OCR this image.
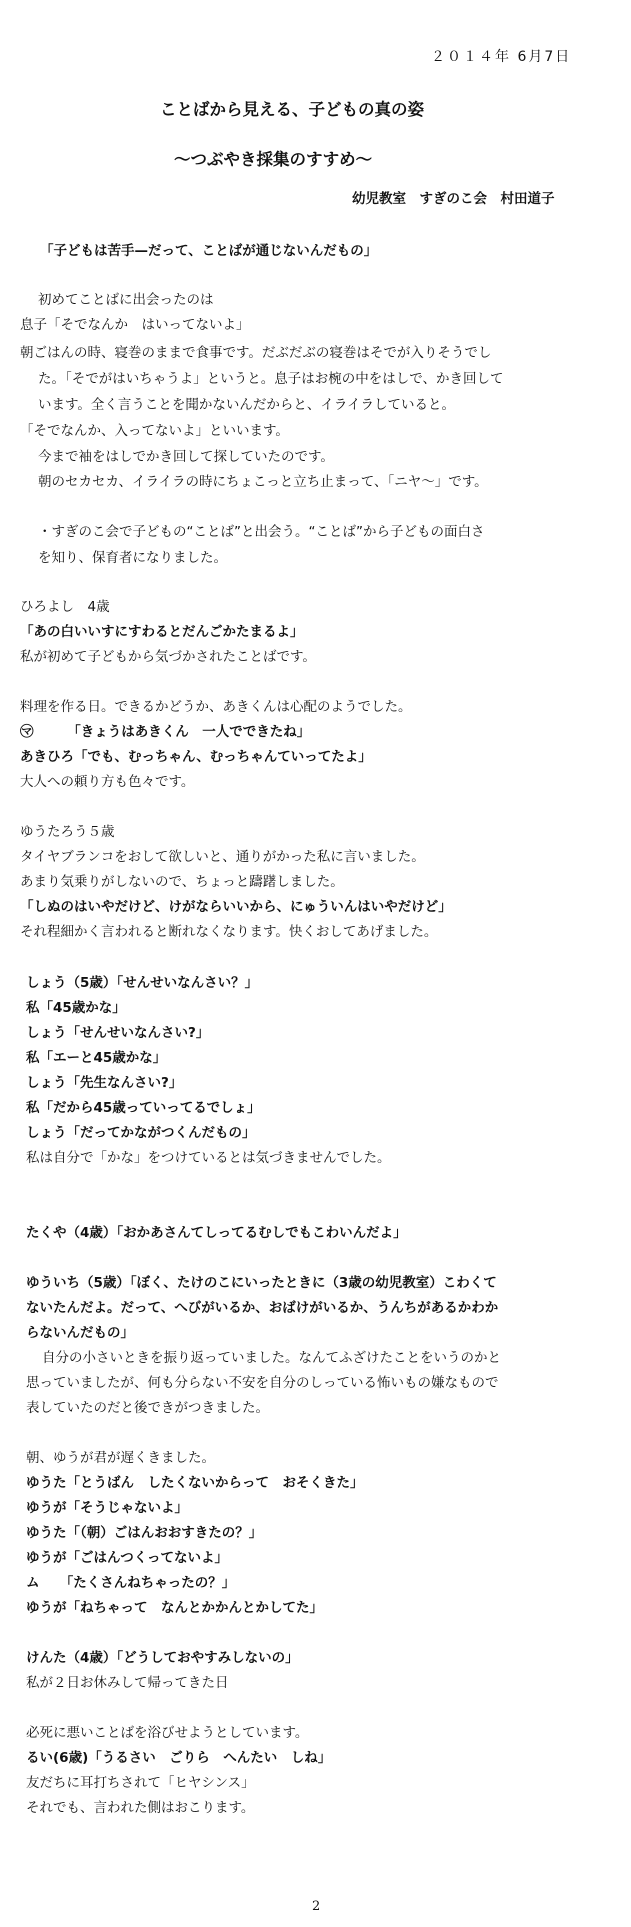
２０１４年 6月7日
ことばから見える、子どもの真の姿
～つぶやき採集のすすめ～
幼児教室　すぎのこ会　村田道子
「子どもは苦手—だって、ことばが通じないんだもの」
初めてことばに出会ったのは
息子「そでなんか　はいってないよ」
朝ごはんの時、寝巻のままで食事です。だぶだぶの寝巻はそでが入りそうでし
た。「そでがはいちゃうよ」というと。息子はお椀の中をはしで、かき回して
います。全く言うことを聞かないんだからと、イライラしていると。
「そでなんか、入ってないよ」といいます。
今まで袖をはしでかき回して探していたのです。
朝のセカセカ、イライラの時にちょこっと立ち止まって、「ニヤ～」です。
・すぎのこ会で子どもの“ことば”と出会う。“ことば”から子どもの面白さ
を知り、保育者になりました。
ひろよし　4歳
「あの白いいすにすわるとだんごかたまるよ」
私が初めて子どもから気づかされたことばです。
料理を作る日。できるかどうか、あきくんは心配のようでした。
㋮　　　「きょうはあきくん　一人でできたね」
あきひろ「でも、むっちゃん、むっちゃんていってたよ」
大人への頼り方も色々です。
ゆうたろう５歳
タイヤブランコをおして欲しいと、通りがかった私に言いました。
あまり気乗りがしないので、ちょっと躊躇しました。
「しぬのはいやだけど、けがならいいから、にゅういんはいやだけど」
それ程細かく言われると断れなくなります。快くおしてあげました。
しょう（5歳）「せんせいなんさい？」
私「45歳かな」
しょう「せんせいなんさい?」
私「エーと45歳かな」
しょう「先生なんさい?」
私「だから45歳っていってるでしょ」
しょう「だってかながつくんだもの」
私は自分で「かな」をつけているとは気づきませんでした。
たくや（4歳）「おかあさんてしってるむしでもこわいんだよ」
ゆういち（5歳）「ぼく、たけのこにいったときに（3歳の幼児教室）こわくて
ないたんだよ。だって、へびがいるか、おばけがいるか、うんちがあるかわか
らないんだもの」
自分の小さいときを振り返っていました。なんてふざけたことをいうのかと
思っていましたが、何も分らない不安を自分のしっている怖いもの嫌なもので
表していたのだと後できがつきました。
朝、ゆうが君が遅くきました。
ゆうた「とうばん　したくないからって　おそくきた」
ゆうが「そうじゃないよ」
ゆうた「（朝）ごはんおおすきたの？」
ゆうが「ごはんつくってないよ」
ム　　「たくさんねちゃったの？」
ゆうが「ねちゃって　なんとかかんとかしてた」
けんた（4歳）「どうしておやすみしないの」
私が２日お休みして帰ってきた日
必死に悪いことばを浴びせようとしています。
るい(6歳)「うるさい　ごりら　へんたい　しね」
友だちに耳打ちされて「ヒヤシンス」
それでも、言われた側はおこります。
2
